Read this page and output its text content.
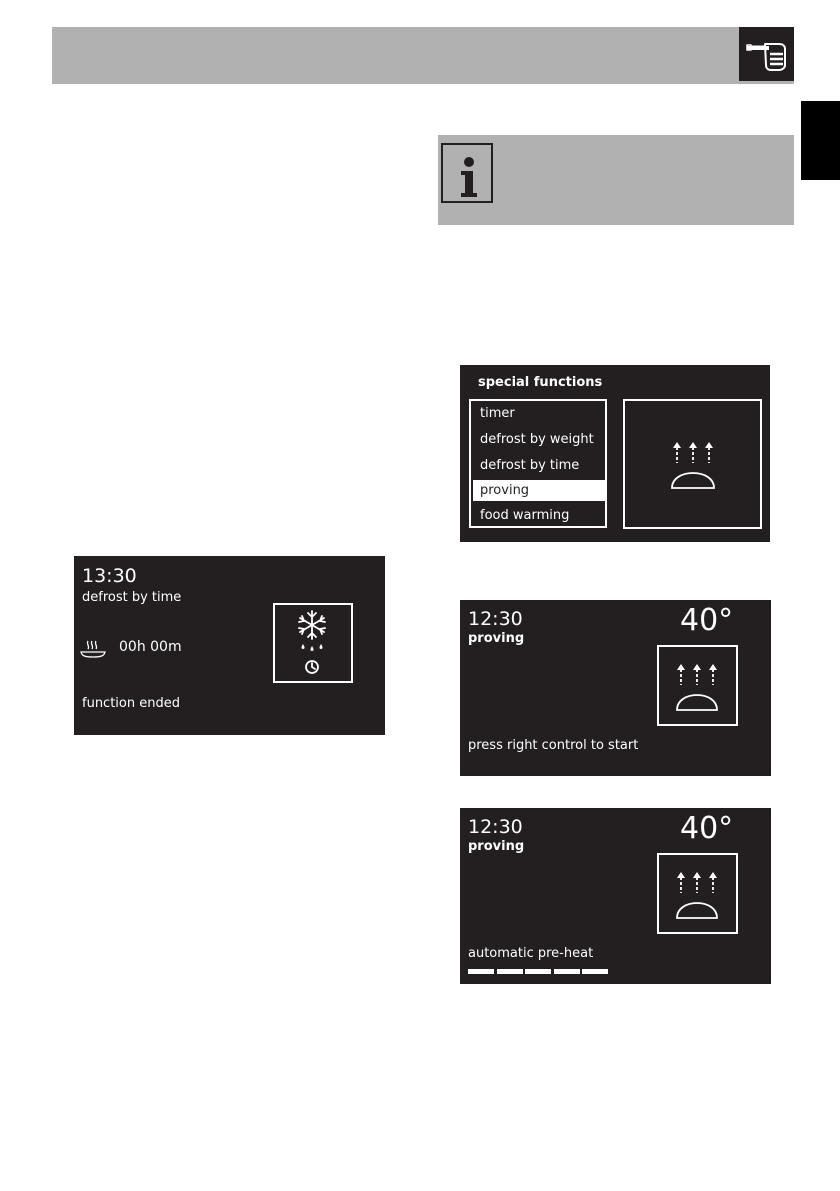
13:30
defrost by time
00h 00m
function ended
special functions
timer
defrost by weight
defrost by time
proving
food warming
12:30
proving
40°
press right control to start
12:30
proving
40°
automatic pre-heat
